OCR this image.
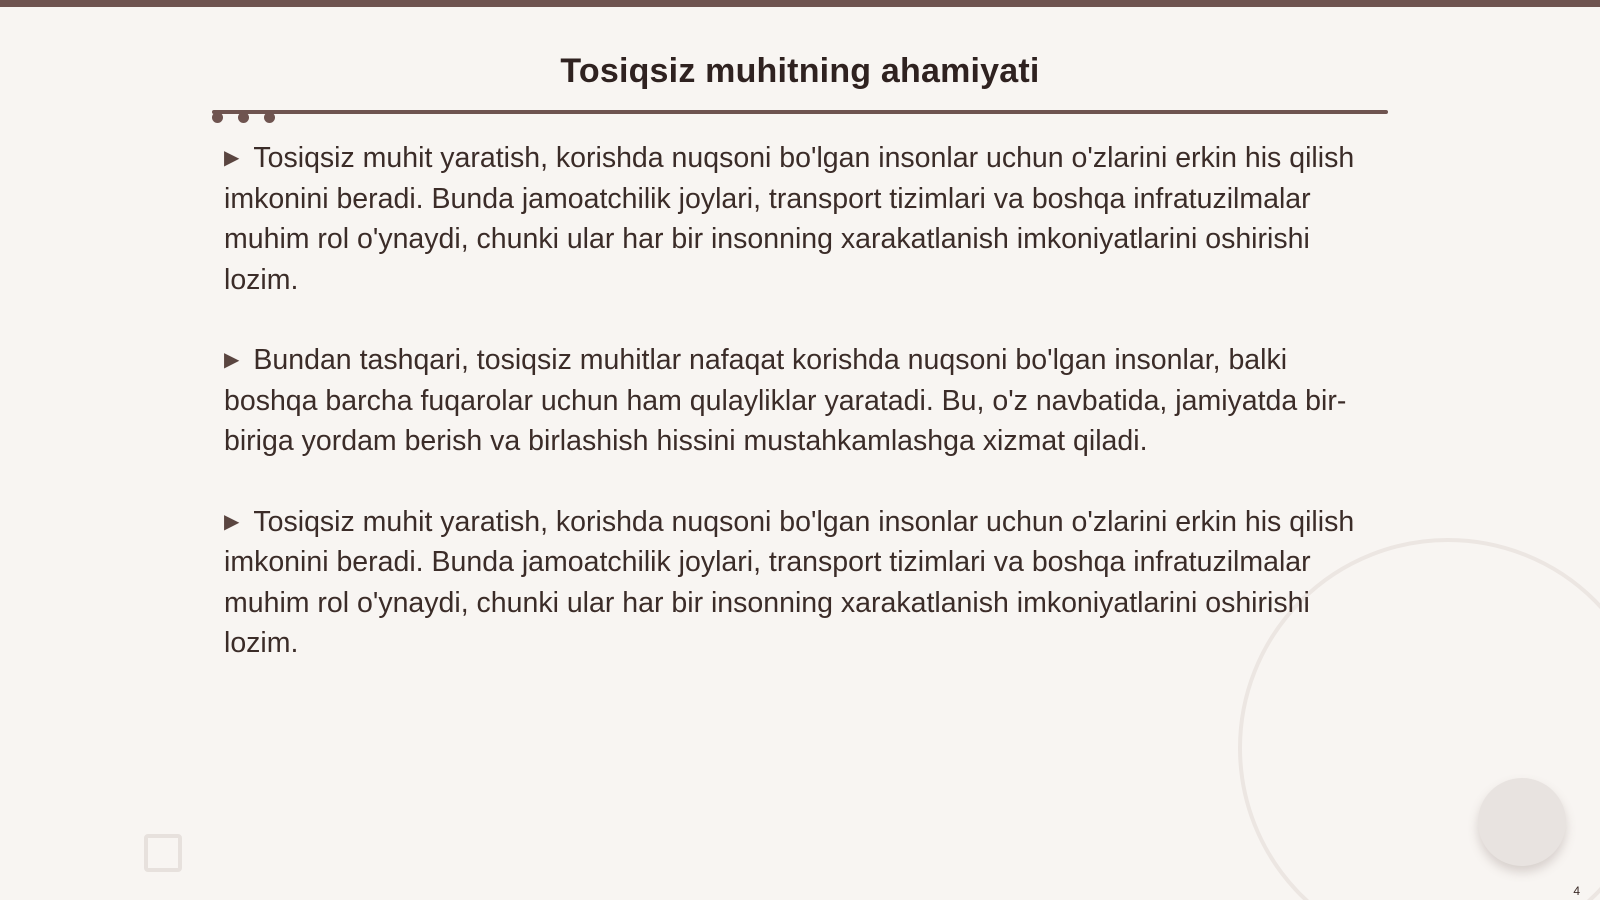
Tosiqsiz muhitning ahamiyati

▶ Tosiqsiz muhit yaratish, korishda nuqsoni bo'lgan insonlar uchun o'zlarini erkin his qilish imkonini beradi. Bunda jamoatchilik joylari, transport tizimlari va boshqa infratuzilmalar muhim rol o'ynaydi, chunki ular har bir insonning xarakatlanish imkoniyatlarini oshirishi lozim.

▶ Bundan tashqari, tosiqsiz muhitlar nafaqat korishda nuqsoni bo'lgan insonlar, balki boshqa barcha fuqarolar uchun ham qulayliklar yaratadi. Bu, o'z navbatida, jamiyatda bir-biriga yordam berish va birlashish hissini mustahkamlashga xizmat qiladi.

▶ Tosiqsiz muhit yaratish, korishda nuqsoni bo'lgan insonlar uchun o'zlarini erkin his qilish imkonini beradi. Bunda jamoatchilik joylari, transport tizimlari va boshqa infratuzilmalar muhim rol o'ynaydi, chunki ular har bir insonning xarakatlanish imkoniyatlarini oshirishi lozim.

4
